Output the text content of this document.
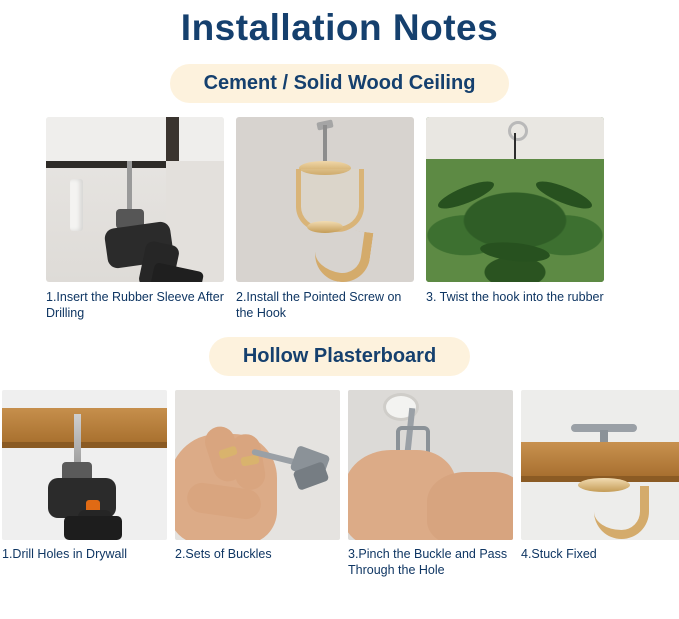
Installation Notes
Cement / Solid Wood Ceiling
1.Insert the Rubber Sleeve After Drilling
2.Install the Pointed Screw on the Hook
3. Twist the hook into the rubber
Hollow Plasterboard
1.Drill Holes in Drywall	2.Sets of Buckles	3.Pinch the Buckle and Pass Through the Hole
4.Stuck Fixed
